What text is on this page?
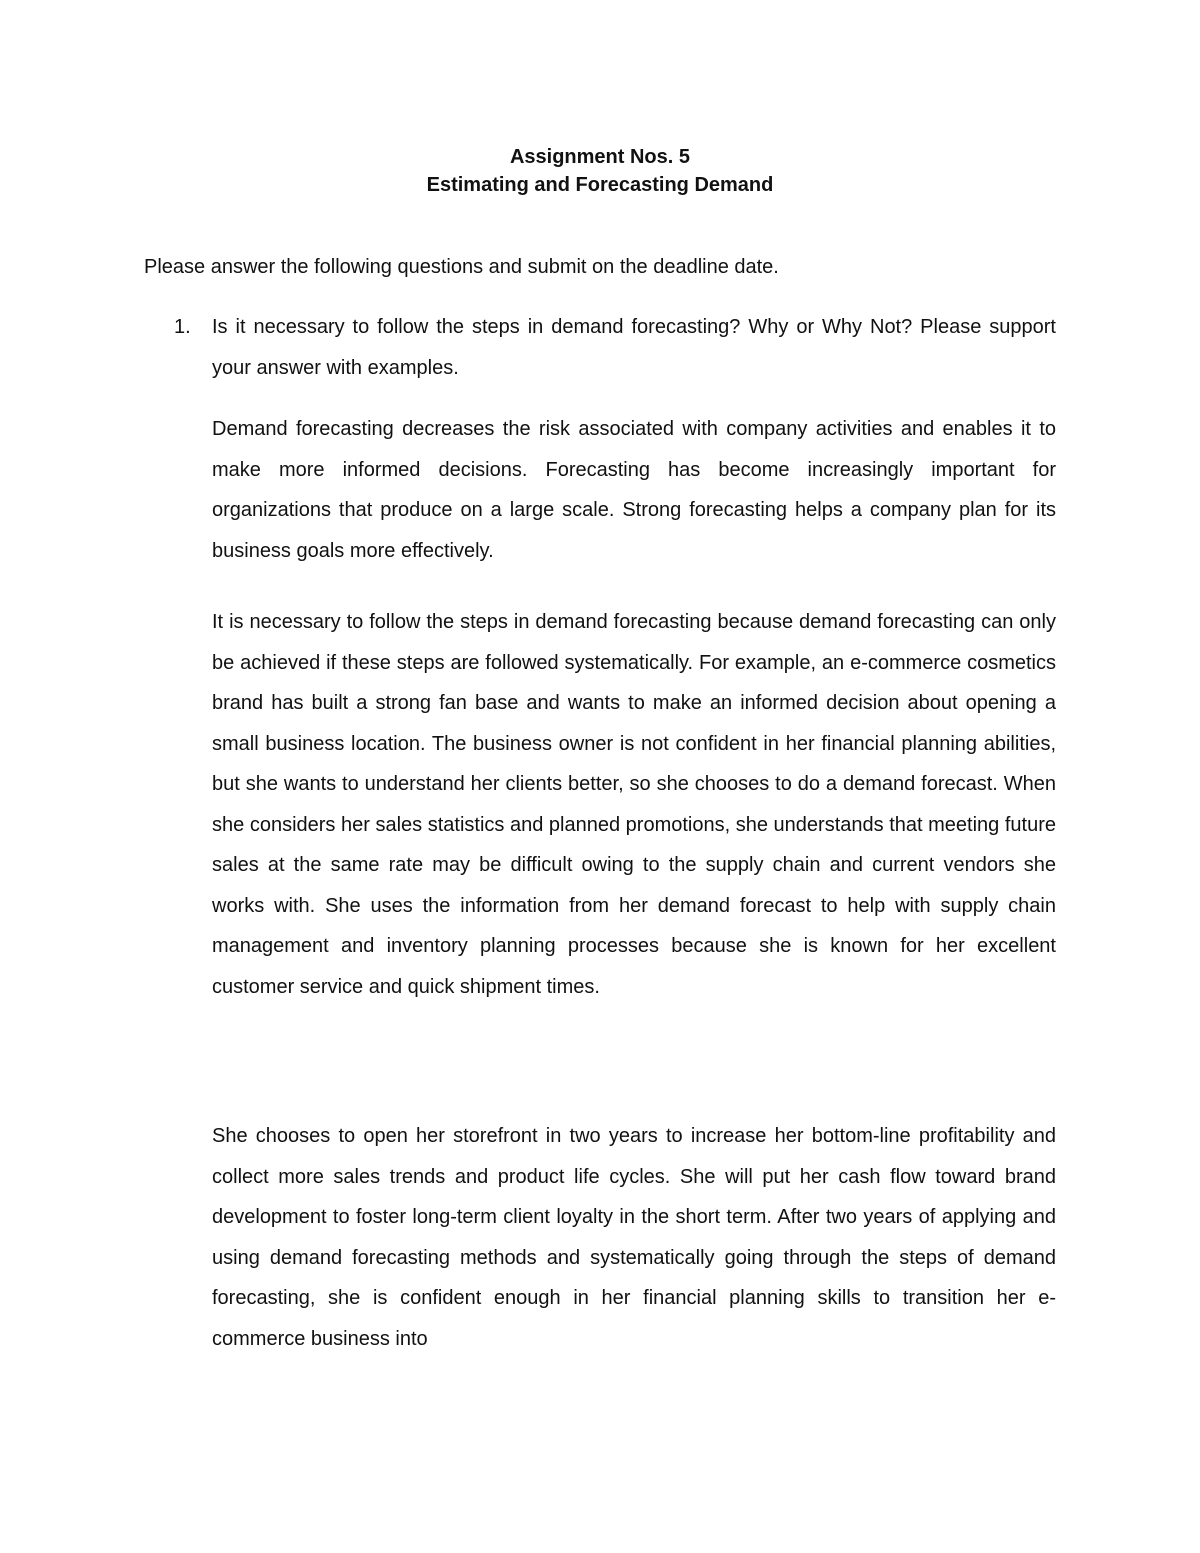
Assignment Nos. 5
Estimating and Forecasting Demand
Please answer the following questions and submit on the deadline date.
1. Is it necessary to follow the steps in demand forecasting? Why or Why Not? Please support your answer with examples.

Demand forecasting decreases the risk associated with company activities and enables it to make more informed decisions. Forecasting has become increasingly important for organizations that produce on a large scale. Strong forecasting helps a company plan for its business goals more effectively.

It is necessary to follow the steps in demand forecasting because demand forecasting can only be achieved if these steps are followed systematically. For example, an e-commerce cosmetics brand has built a strong fan base and wants to make an informed decision about opening a small business location. The business owner is not confident in her financial planning abilities, but she wants to understand her clients better, so she chooses to do a demand forecast. When she considers her sales statistics and planned promotions, she understands that meeting future sales at the same rate may be difficult owing to the supply chain and current vendors she works with. She uses the information from her demand forecast to help with supply chain management and inventory planning processes because she is known for her excellent customer service and quick shipment times.

She chooses to open her storefront in two years to increase her bottom-line profitability and collect more sales trends and product life cycles. She will put her cash flow toward brand development to foster long-term client loyalty in the short term. After two years of applying and using demand forecasting methods and systematically going through the steps of demand forecasting, she is confident enough in her financial planning skills to transition her e-commerce business into
